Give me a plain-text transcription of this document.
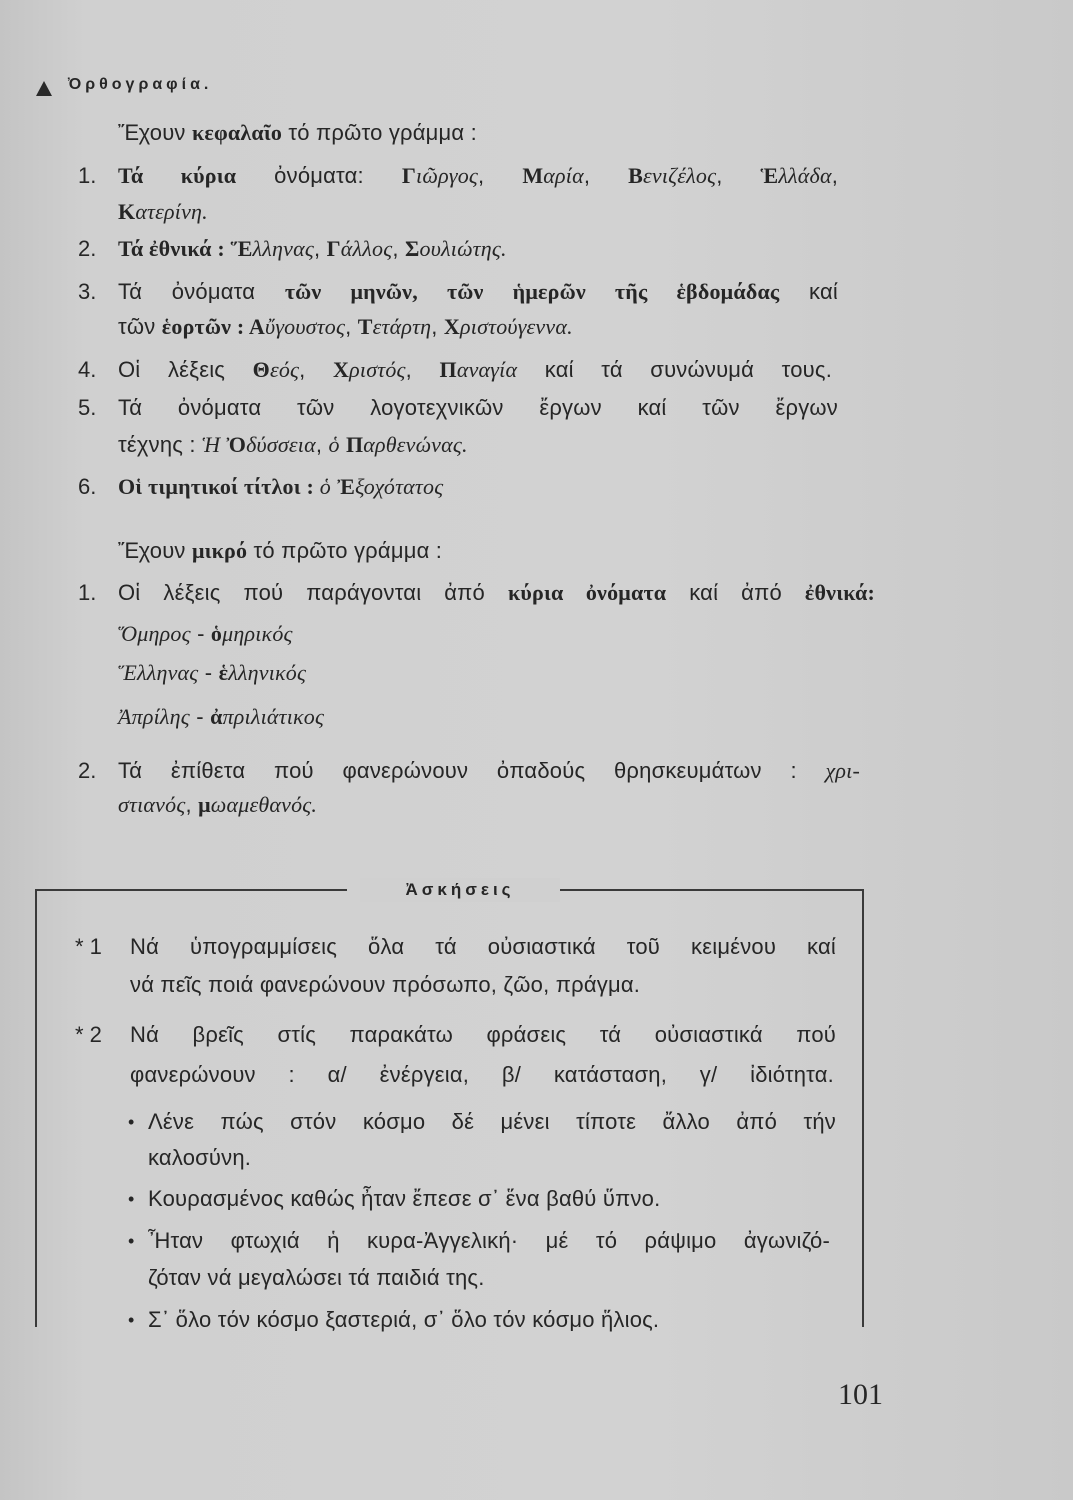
Ὀρθογραφία.
Ἀσκήσεις
Ἔχουν κεφαλαῖο τό πρῶτο γράμμα :
Τά κύρια ὀνόματα: Γιῶργος, Μαρία, Βενιζέλος, Ἑλλάδα,
1.
Κατερίνη.
Τά ἐθνικά : Ἕλληνας, Γάλλος, Σουλιώτης.
2.
Τά ὀνόματα τῶν μηνῶν, τῶν ἡμερῶν τῆς ἑβδομάδας καί
3.
τῶν ἑορτῶν : Αὔγουστος, Τετάρτη, Χριστούγεννα.
Οἱ λέξεις Θεός, Χριστός, Παναγία καί τά συνώνυμά τους.
4.
Τά ὀνόματα τῶν λογοτεχνικῶν ἔργων καί τῶν ἔργων
5.
τέχνης : Ἡ Ὀδύσσεια, ὁ Παρθενώνας.
Οἱ τιμητικοί τίτλοι : ὁ Ἐξοχότατος
6.
Ἔχουν μικρό τό πρῶτο γράμμα :
Οἱ λέξεις πού παράγονται ἀπό κύρια ὀνόματα καί ἀπό ἐθνικά:
1.
Ὅμηρος - ὁμηρικός
Ἕλληνας - ἑλληνικός
Ἀπρίλης - ἀπριλιάτικος
Τά ἐπίθετα πού φανερώνουν ὀπαδούς θρησκευμάτων : χρι-
2.
στιανός, μωαμεθανός.
Νά ὑπογραμμίσεις ὅλα τά οὐσιαστικά τοῦ κειμένου καί
* 1
νά πεῖς ποιά φανερώνουν πρόσωπο, ζῶο, πράγμα.
Νά βρεῖς στίς παρακάτω φράσεις τά οὐσιαστικά πού
* 2
φανερώνουν : α/ ἐνέργεια, β/ κατάσταση, γ/ ἰδιότητα.
Λένε πώς στόν κόσμο δέ μένει τίποτε ἄλλο ἀπό τήν
•
καλοσύνη.
Κουρασμένος καθώς ἦταν ἔπεσε σ᾽ ἕνα βαθύ ὕπνο.
•
Ἦταν φτωχιά ἡ κυρα-Ἀγγελική· μέ τό ράψιμο ἀγωνιζό-
•
ζόταν νά μεγαλώσει τά παιδιά της.
Σ᾽ ὅλο τόν κόσμο ξαστεριά, σ᾽ ὅλο τόν κόσμο ἥλιος.
•
101
